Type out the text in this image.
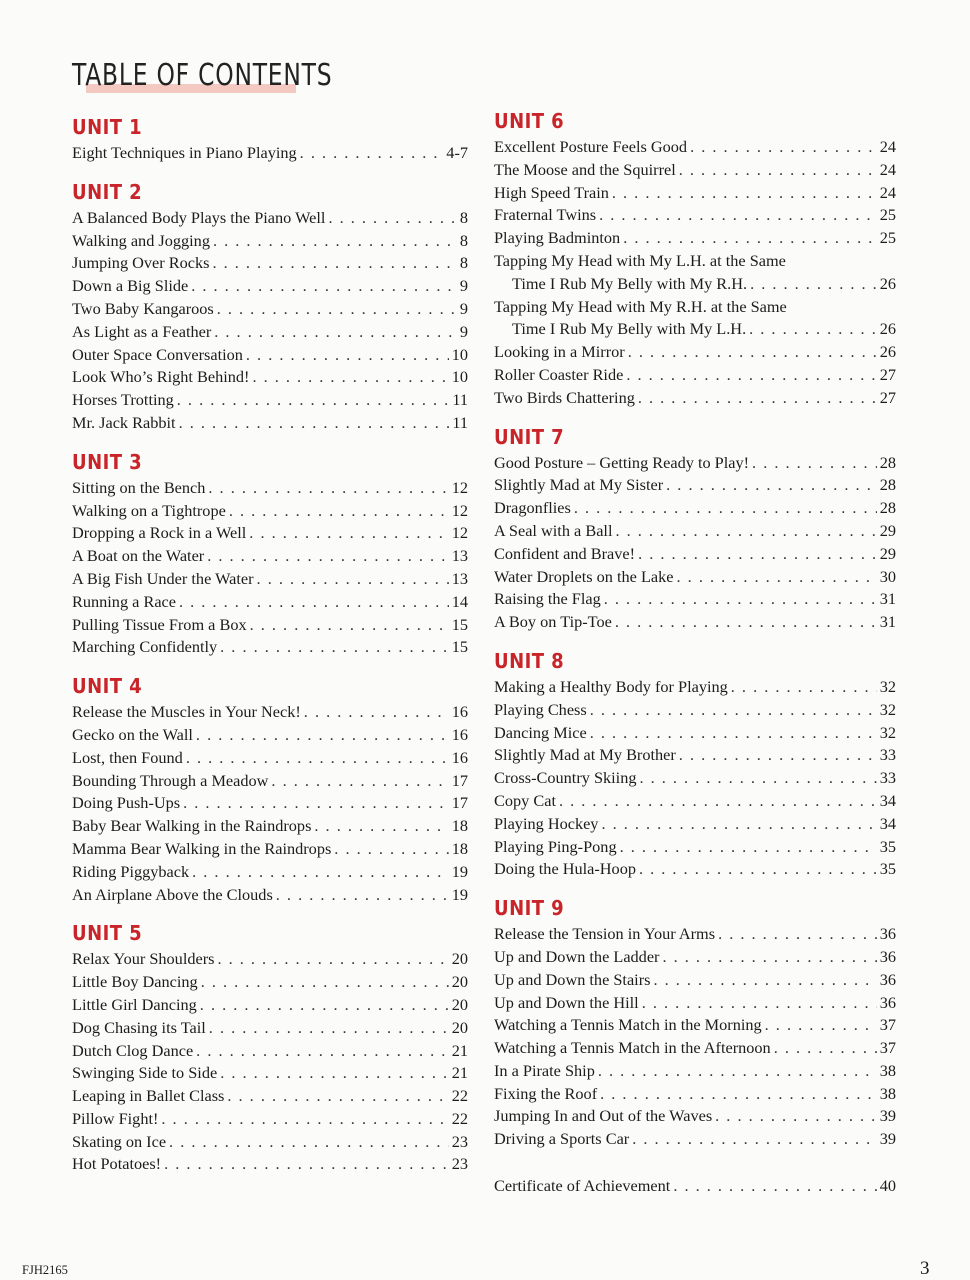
TABLE OF CONTENTS
UNIT 1
Eight Techniques in Piano Playing . . .	4-7
UNIT 2
A Balanced Body Plays the Piano Well . . .	8
Walking and Jogging . . .	8
Jumping Over Rocks . . .	8
Down a Big Slide . . .	9
Two Baby Kangaroos . . .	9
As Light as a Feather . . .	9
Outer Space Conversation . . .	10
Look Who’s Right Behind! . . .	10
Horses Trotting . . .	11
Mr. Jack Rabbit . . .	11
UNIT 3
Sitting on the Bench . . .	12
Walking on a Tightrope . . .	12
Dropping a Rock in a Well . . .	12
A Boat on the Water . . .	13
A Big Fish Under the Water . . .	13
Running a Race . . .	14
Pulling Tissue From a Box . . .	15
Marching Confidently . . .	15
UNIT 4
Release the Muscles in Your Neck! . . .	16
Gecko on the Wall . . .	16
Lost, then Found . . .	16
Bounding Through a Meadow . . .	17
Doing Push-Ups . . .	17
Baby Bear Walking in the Raindrops . . .	18
Mamma Bear Walking in the Raindrops . . .	18
Riding Piggyback . . .	19
An Airplane Above the Clouds . . .	19
UNIT 5
Relax Your Shoulders . . .	20
Little Boy Dancing . . .	20
Little Girl Dancing . . .	20
Dog Chasing its Tail . . .	20
Dutch Clog Dance . . .	21
Swinging Side to Side . . .	21
Leaping in Ballet Class . . .	22
Pillow Fight! . . .	22
Skating on Ice . . .	23
Hot Potatoes! . . .	23
UNIT 6
Excellent Posture Feels Good . . .	24
The Moose and the Squirrel . . .	24
High Speed Train . . .	24
Fraternal Twins . . .	25
Playing Badminton . . .	25
Tapping My Head with My L.H. at the Same
Time I Rub My Belly with My R.H. . . .	26
Tapping My Head with My R.H. at the Same
Time I Rub My Belly with My L.H. . . .	26
Looking in a Mirror . . .	26
Roller Coaster Ride . . .	27
Two Birds Chattering . . .	27
UNIT 7
Good Posture – Getting Ready to Play! . . .	28
Slightly Mad at My Sister . . .	28
Dragonflies . . .	28
A Seal with a Ball . . .	29
Confident and Brave! . . .	29
Water Droplets on the Lake . . .	30
Raising the Flag . . .	31
A Boy on Tip-Toe . . .	31
UNIT 8
Making a Healthy Body for Playing . . .	32
Playing Chess . . .	32
Dancing Mice . . .	32
Slightly Mad at My Brother . . .	33
Cross-Country Skiing . . .	33
Copy Cat . . .	34
Playing Hockey . . .	34
Playing Ping-Pong . . .	35
Doing the Hula-Hoop . . .	35
UNIT 9
Release the Tension in Your Arms . . .	36
Up and Down the Ladder . . .	36
Up and Down the Stairs . . .	36
Up and Down the Hill . . .	36
Watching a Tennis Match in the Morning . . .	37
Watching a Tennis Match in the Afternoon . . .	37
In a Pirate Ship . . .	38
Fixing the Roof . . .	38
Jumping In and Out of the Waves . . .	39
Driving a Sports Car . . .	39
Certificate of Achievement . . .	40
FJH2165	3
